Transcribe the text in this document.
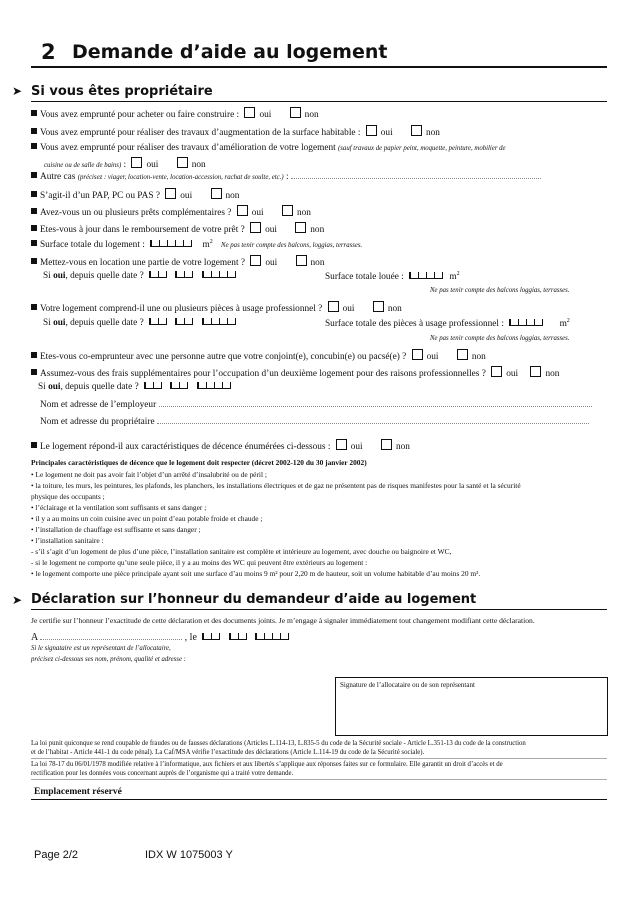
2 Demande d’aide au logement
➤ Si vous êtes propriétaire
Vous avez emprunté pour acheter ou faire construire : oui	non
Vous avez emprunté pour réaliser des travaux d’augmentation de la surface habitable : oui	non
Vous avez emprunté pour réaliser des travaux d’amélioration de votre logement (sauf travaux de papier peint, moquette, peinture, mobilier de
cuisine ou de salle de bains) : oui	non
Autre cas (précisez : viager, location-vente, location-accession, rachat de soulte, etc.) :
S’agit-il d’un PAP, PC ou PAS ? oui	non
Avez-vous un ou plusieurs prêts complémentaires ? oui	non
Etes-vous à jour dans le remboursement de votre prêt ? oui	non
Surface totale du logement :	$m^2$ Ne pas tenir compte des balcons, loggias, terrasses.
Mettez-vous en location une partie de votre logement ? oui	non
Si oui, depuis quelle date ?	Surface totale louée :	$m^2$
Ne pas tenir compte des balcons loggias, terrasses.
Votre logement comprend-il une ou plusieurs pièces à usage professionnel ? oui	non
Si oui, depuis quelle date ?	Surface totale des pièces à usage professionnel :	$m^2$
Ne pas tenir compte des balcons loggias, terrasses.
Etes-vous co-emprunteur avec une personne autre que votre conjoint(e), concubin(e) ou pacsé(e) ? oui	non
Assumez-vous des frais supplémentaires pour l’occupation d’un deuxième logement pour des raisons professionnelles ? oui	non
Si oui, depuis quelle date ?
Nom et adresse de l’employeur
Nom et adresse du propriétaire
Le logement répond-il aux caractéristiques de décence énumérées ci-dessous : oui	non
Principales caractéristiques de décence que le logement doit respecter (décret 2002-120 du 30 janvier 2002)
• Le logement ne doit pas avoir fait l’objet d’un arrêté d’insalubrité ou de péril ;
• la toiture, les murs, les peintures, les plafonds, les planchers, les installations électriques et de gaz ne présentent pas de risques manifestes pour la santé et la sécurité
physique des occupants ;
• l’éclairage et la ventilation sont suffisants et sans danger ;
• il y a au moins un coin cuisine avec un point d’eau potable froide et chaude ;
• l’installation de chauffage est suffisante et sans danger ;
• l’installation sanitaire :
- s’il s’agit d’un logement de plus d’une pièce, l’installation sanitaire est complète et intérieure au logement, avec douche ou baignoire et WC,
- si le logement ne comporte qu’une seule pièce, il y a au moins des WC qui peuvent être extérieurs au logement :
• le logement comporte une pièce principale ayant soit une surface d’au moins 9 m² pour 2,20 m de hauteur, soit un volume habitable d’au moins 20 m³.
➤ Déclaration sur l’honneur du demandeur d’aide au logement
Je certifie sur l’honneur l’exactitude de cette déclaration et des documents joints. Je m’engage à signaler immédiatement tout changement modifiant cette déclaration.
A	, le
Si le signataire est un représentant de l’allocataire,
précisez ci-dessous ses nom, prénom, qualité et adresse :
Signature de l’allocataire ou de son représentant
La loi punit quiconque se rend coupable de fraudes ou de fausses déclarations (Articles L.114-13, L.835-5 du code de la Sécurité sociale - Article L.351-13 du code de la construction
et de l’habitat - Article 441-1 du code pénal). La Caf/MSA vérifie l’exactitude des déclarations (Article L.114-19 du code de la Sécurité sociale).
La loi 78-17 du 06/01/1978 modifiée relative à l’informatique, aux fichiers et aux libertés s’applique aux réponses faites sur ce formulaire. Elle garantit un droit d’accès et de
rectification pour les données vous concernant auprès de l’organisme qui a traité votre demande.
Emplacement réservé
Page 2/2	IDX W 1075003 Y
